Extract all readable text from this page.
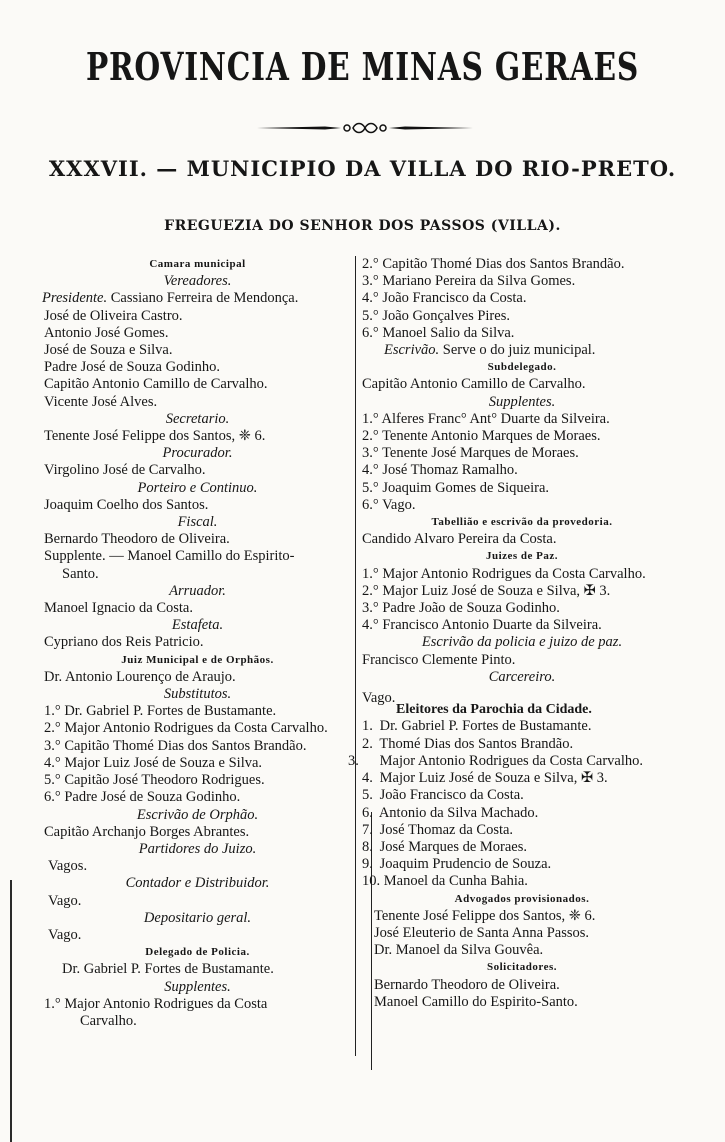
PROVINCIA DE MINAS GERAES
XXXVII. — MUNICIPIO DA VILLA DO RIO-PRETO.
FREGUEZIA DO SENHOR DOS PASSOS (VILLA).
Camara municipal
Vereadores.
Presidente. Cassiano Ferreira de Mendonça.
José de Oliveira Castro.
Antonio José Gomes.
José de Souza e Silva.
Padre José de Souza Godinho.
Capitão Antonio Camillo de Carvalho.
Vicente José Alves.
Secretario.
Tenente José Felippe dos Santos, ❈ 6.
Procurador.
Virgolino José de Carvalho.
Porteiro e Continuo.
Joaquim Coelho dos Santos.
Fiscal.
Bernardo Theodoro de Oliveira.
Supplente. — Manoel Camillo do Espirito-
Santo.
Arruador.
Manoel Ignacio da Costa.
Estafeta.
Cypriano dos Reis Patricio.
Juiz Municipal e de Orphãos.
Dr. Antonio Lourenço de Araujo.
Substitutos.
1.° Dr. Gabriel P. Fortes de Bustamante.
2.° Major Antonio Rodrigues da Costa Carvalho.
3.° Capitão Thomé Dias dos Santos Brandão.
4.° Major Luiz José de Souza e Silva.
5.° Capitão José Theodoro Rodrigues.
6.° Padre José de Souza Godinho.
Escrivão de Orphão.
Capitão Archanjo Borges Abrantes.
Partidores do Juizo.
Vagos.
Contador e Distribuidor.
Vago.
Depositario geral.
Vago.
Delegado de Policia.
Dr. Gabriel P. Fortes de Bustamante.
Supplentes.
1.° Major Antonio Rodrigues da Costa
Carvalho.
2.° Capitão Thomé Dias dos Santos Brandão.
3.° Mariano Pereira da Silva Gomes.
4.° João Francisco da Costa.
5.° João Gonçalves Pires.
6.° Manoel Salio da Silva.
Escrivão. Serve o do juiz municipal.
Subdelegado.
Capitão Antonio Camillo de Carvalho.
Supplentes.
1.° Alferes Franc° Ant° Duarte da Silveira.
2.° Tenente Antonio Marques de Moraes.
3.° Tenente José Marques de Moraes.
4.° José Thomaz Ramalho.
5.° Joaquim Gomes de Siqueira.
6.° Vago.
Tabellião e escrivão da provedoria.
Candido Alvaro Pereira da Costa.
Juizes de Paz.
1.° Major Antonio Rodrigues da Costa Carvalho.
2.° Major Luiz José de Souza e Silva, ✠ 3.
3.° Padre João de Souza Godinho.
4.° Francisco Antonio Duarte da Silveira.
Escrivão da policia e juizo de paz.
Francisco Clemente Pinto.
Carcereiro.
Vago.
Eleitores da Parochia da Cidade.
1. Dr. Gabriel P. Fortes de Bustamante.
2. Thomé Dias dos Santos Brandão.
3. Major Antonio Rodrigues da Costa Carvalho.
4. Major Luiz José de Souza e Silva, ✠ 3.
5. João Francisco da Costa.
6. Antonio da Silva Machado.
7. José Thomaz da Costa.
8. José Marques de Moraes.
9. Joaquim Prudencio de Souza.
10. Manoel da Cunha Bahia.
Advogados provisionados.
Tenente José Felippe dos Santos, ❈ 6.
José Eleuterio de Santa Anna Passos.
Dr. Manoel da Silva Gouvêa.
Solicitadores.
Bernardo Theodoro de Oliveira.
Manoel Camillo do Espirito-Santo.
